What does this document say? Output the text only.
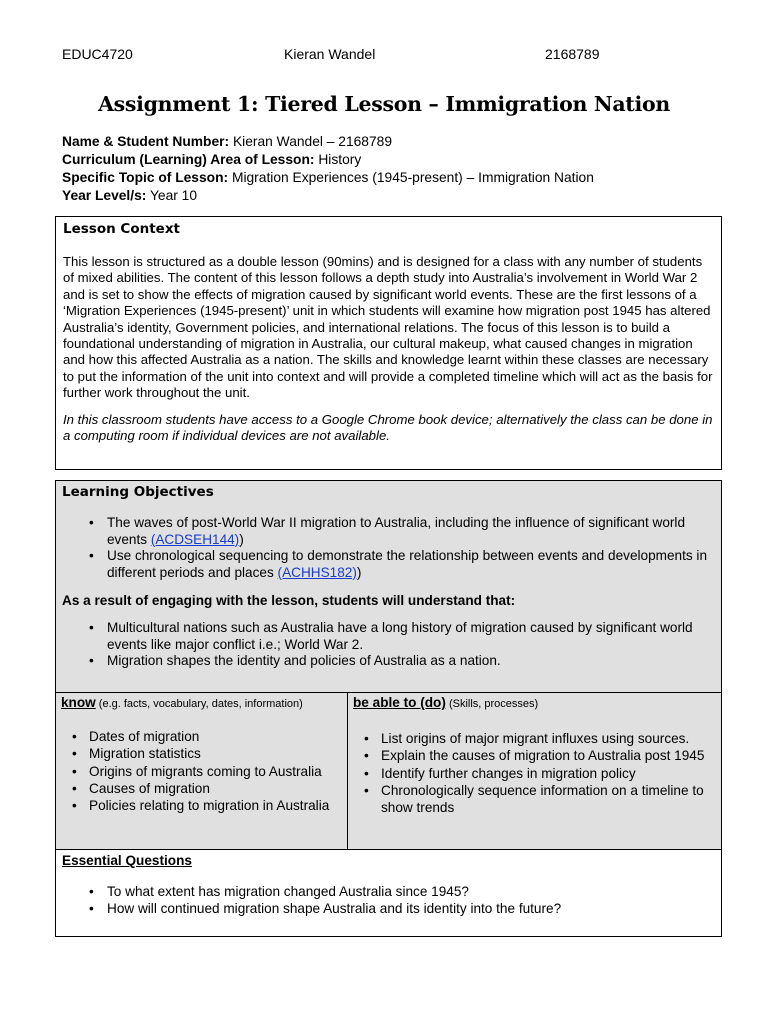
EDUC4720	Kieran Wandel	2168789
Assignment 1: Tiered Lesson – Immigration Nation
Name & Student Number: Kieran Wandel – 2168789
Curriculum (Learning) Area of Lesson: History
Specific Topic of Lesson: Migration Experiences (1945-present) – Immigration Nation
Year Level/s: Year 10
Lesson Context
This lesson is structured as a double lesson (90mins) and is designed for a class with any number of students of mixed abilities. The content of this lesson follows a depth study into Australia’s involvement in World War 2 and is set to show the effects of migration caused by significant world events. These are the first lessons of a ‘Migration Experiences (1945-present)’ unit in which students will examine how migration post 1945 has altered Australia’s identity, Government policies, and international relations. The focus of this lesson is to build a foundational understanding of migration in Australia, our cultural makeup, what caused changes in migration and how this affected Australia as a nation. The skills and knowledge learnt within these classes are necessary to put the information of the unit into context and will provide a completed timeline which will act as the basis for further work throughout the unit.
In this classroom students have access to a Google Chrome book device; alternatively the class can be done in a computing room if individual devices are not available.
Learning Objectives
• The waves of post-World War II migration to Australia, including the influence of significant world events (ACDSEH144))
• Use chronological sequencing to demonstrate the relationship between events and developments in different periods and places (ACHHS182))
As a result of engaging with the lesson, students will understand that:
• Multicultural nations such as Australia have a long history of migration caused by significant world events like major conflict i.e.; World War 2.
• Migration shapes the identity and policies of Australia as a nation.
know (e.g. facts, vocabulary, dates, information)
• Dates of migration
• Migration statistics
• Origins of migrants coming to Australia
• Causes of migration
• Policies relating to migration in Australia
be able to (do) (Skills, processes)
• List origins of major migrant influxes using sources.
• Explain the causes of migration to Australia post 1945
• Identify further changes in migration policy
• Chronologically sequence information on a timeline to show trends
Essential Questions
• To what extent has migration changed Australia since 1945?
• How will continued migration shape Australia and its identity into the future?
